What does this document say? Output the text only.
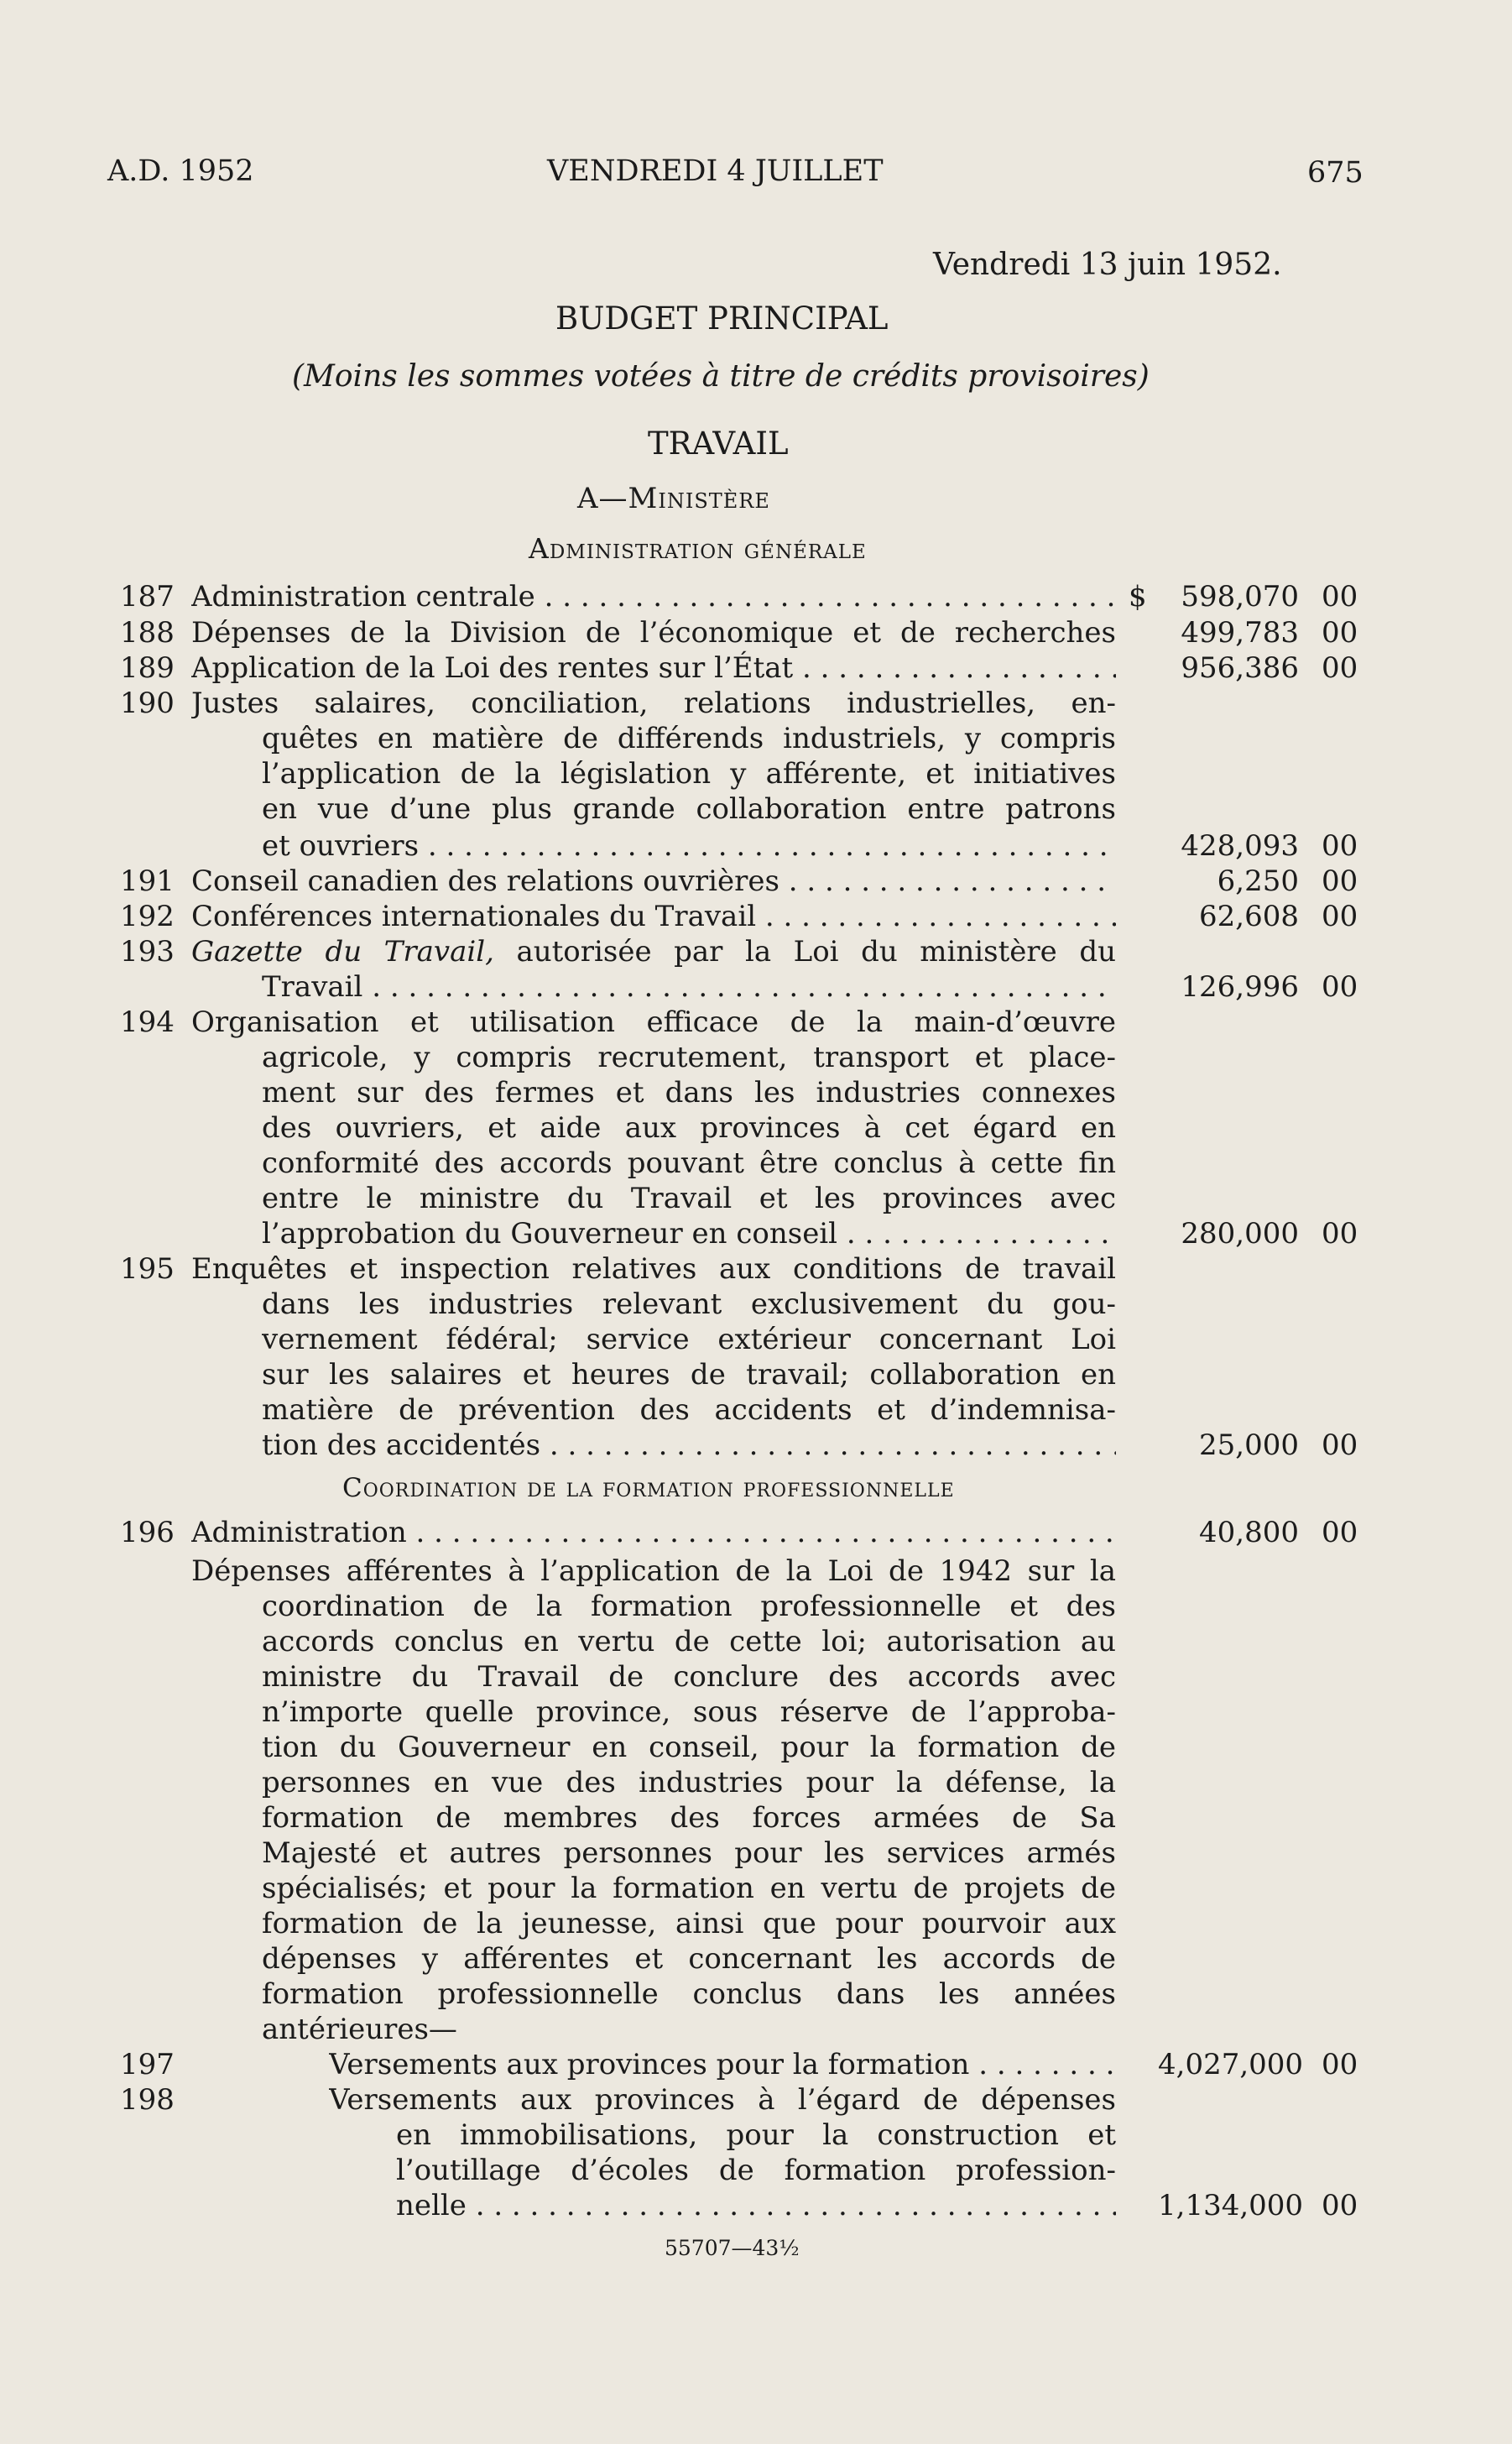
A.D. 1952	VENDREDI 4 JUILLET	675
Vendredi 13 juin 1952.
BUDGET PRINCIPAL
(Moins les sommes votées à titre de crédits provisoires)
TRAVAIL
A—Ministère
Administration générale
187 Administration centrale . . .	$	598,070 00
188 Dépenses de la Division de l’économique et de recherches	499,783 00
189 Application de la Loi des rentes sur l’État . . .	956,386 00
190 Justes salaires, conciliation, relations industrielles, en-
quêtes en matière de différends industriels, y compris
l’application de la législation y afférente, et initiatives
en vue d’une plus grande collaboration entre patrons
et ouvriers . . .	428,093 00
191 Conseil canadien des relations ouvrières . . .	6,250 00
192 Conférences internationales du Travail . . .	62,608 00
193 Gazette du Travail, autorisée par la Loi du ministère du
Travail . . .	126,996 00
194 Organisation et utilisation efficace de la main-d’œuvre
agricole, y compris recrutement, transport et place-
ment sur des fermes et dans les industries connexes
des ouvriers, et aide aux provinces à cet égard en
conformité des accords pouvant être conclus à cette fin
entre le ministre du Travail et les provinces avec
l’approbation du Gouverneur en conseil . . .	280,000 00
195 Enquêtes et inspection relatives aux conditions de travail
dans les industries relevant exclusivement du gou-
vernement fédéral; service extérieur concernant Loi
sur les salaires et heures de travail; collaboration en
matière de prévention des accidents et d’indemnisa-
tion des accidentés . . .	25,000 00
Coordination de la formation professionnelle
196 Administration . . .	40,800 00
Dépenses afférentes à l’application de la Loi de 1942 sur la
coordination de la formation professionnelle et des
accords conclus en vertu de cette loi; autorisation au
ministre du Travail de conclure des accords avec
n’importe quelle province, sous réserve de l’approba-
tion du Gouverneur en conseil, pour la formation de
personnes en vue des industries pour la défense, la
formation de membres des forces armées de Sa
Majesté et autres personnes pour les services armés
spécialisés; et pour la formation en vertu de projets de
formation de la jeunesse, ainsi que pour pourvoir aux
dépenses y afférentes et concernant les accords de
formation professionnelle conclus dans les années
antérieures—
197	Versements aux provinces pour la formation . . .	4,027,000 00
198	Versements aux provinces à l’égard de dépenses
en immobilisations, pour la construction et
l’outillage d’écoles de formation profession-
nelle . . .	1,134,000 00
55707—43½
